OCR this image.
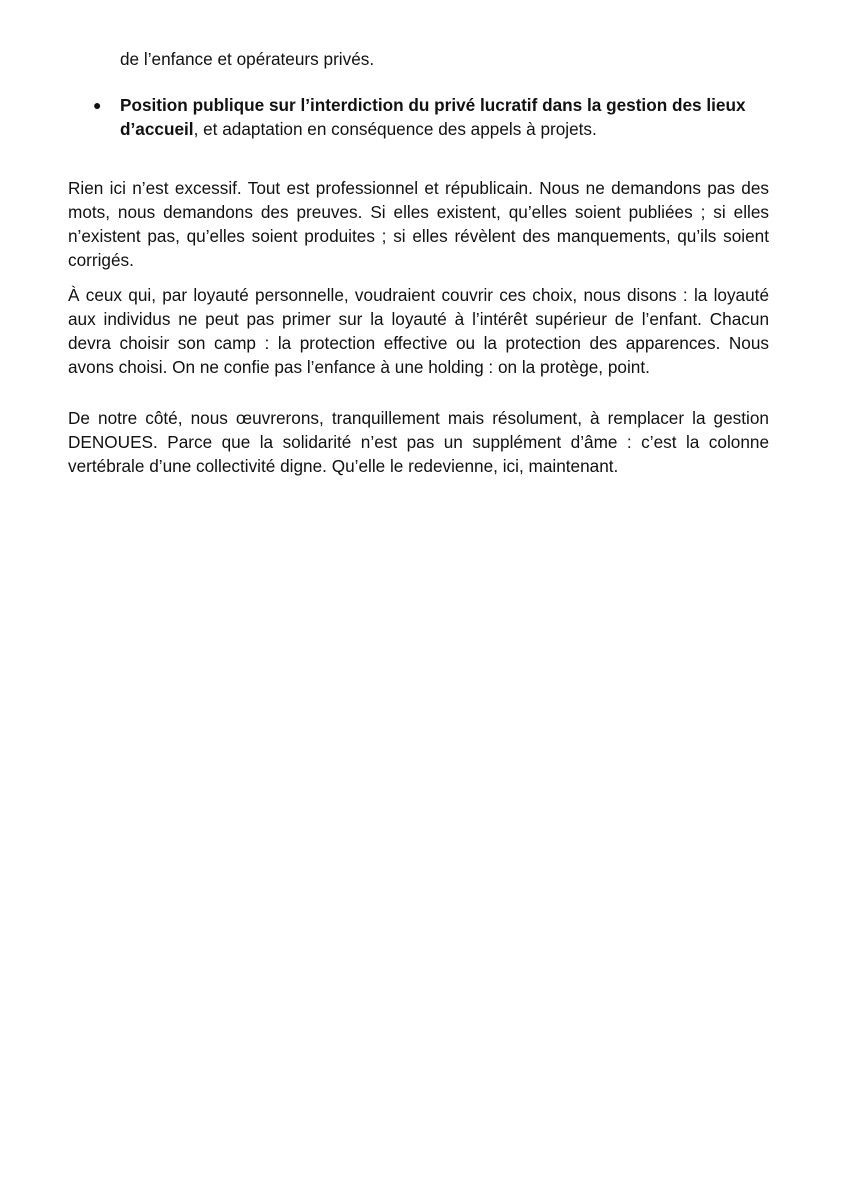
de l’enfance et opérateurs privés.

●	Position publique sur l’interdiction du privé lucratif dans la gestion des lieux d’accueil, et adaptation en conséquence des appels à projets.

Rien ici n’est excessif. Tout est professionnel et républicain. Nous ne demandons pas des mots, nous demandons des preuves. Si elles existent, qu’elles soient publiées ; si elles n’existent pas, qu’elles soient produites ; si elles révèlent des manquements, qu’ils soient corrigés.

À ceux qui, par loyauté personnelle, voudraient couvrir ces choix, nous disons : la loyauté aux individus ne peut pas primer sur la loyauté à l’intérêt supérieur de l’enfant. Chacun devra choisir son camp : la protection effective ou la protection des apparences. Nous avons choisi. On ne confie pas l’enfance à une holding : on la protège, point.

De notre côté, nous œuvrerons, tranquillement mais résolument, à remplacer la gestion DENOUES. Parce que la solidarité n’est pas un supplément d’âme : c’est la colonne vertébrale d’une collectivité digne. Qu’elle le redevienne, ici, maintenant.
